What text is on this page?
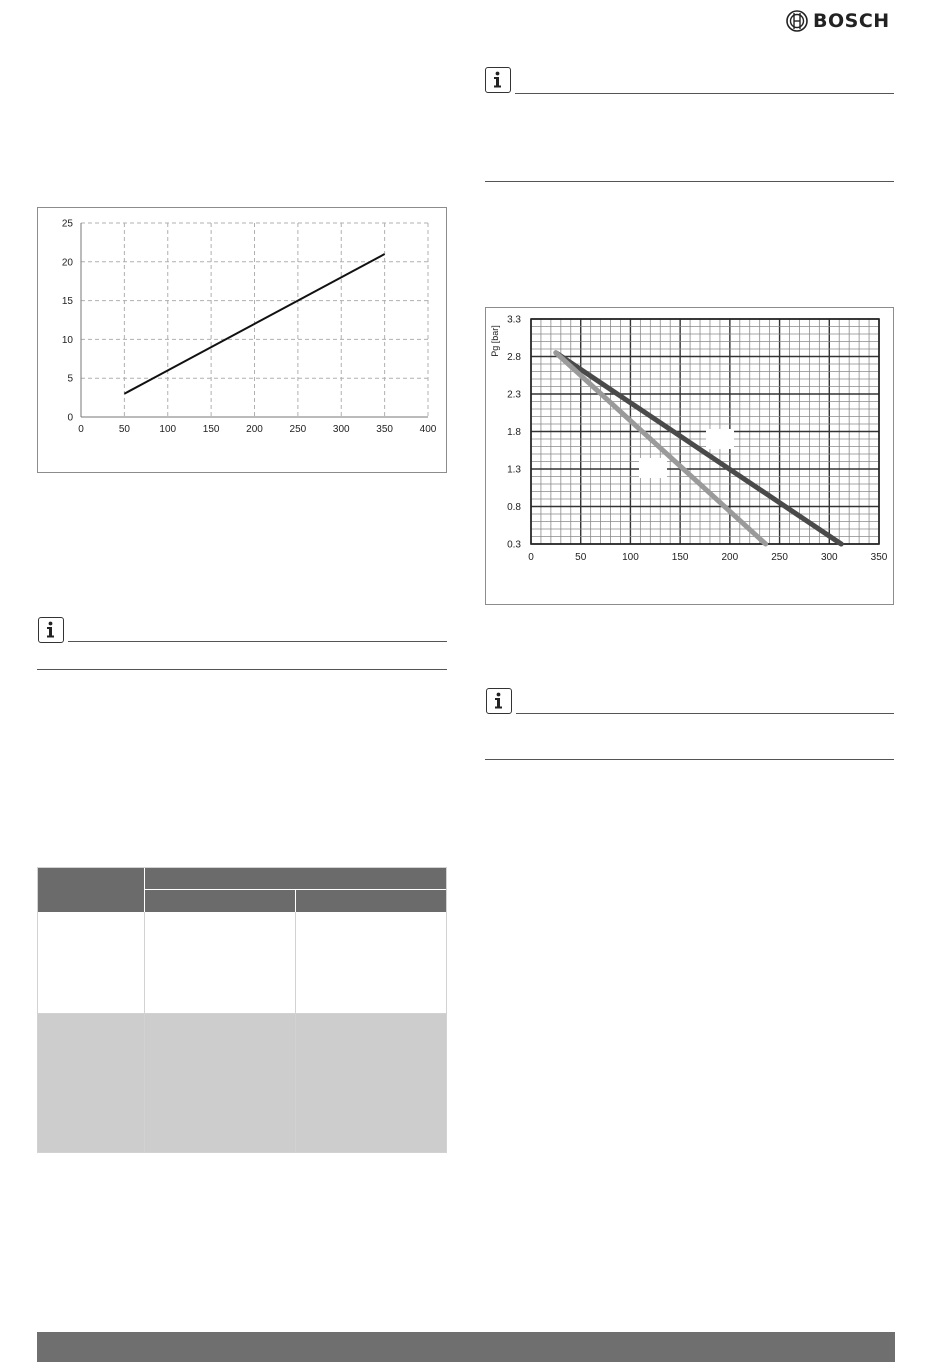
BOSCH
0	50	100	150	200	250	300	350	400
0
5
10
15
20
25
0	50	100	150	200	250	300	350
0.3
0.8
1.3
1.8
2.3
2.8
3.3
Pg [bar]
